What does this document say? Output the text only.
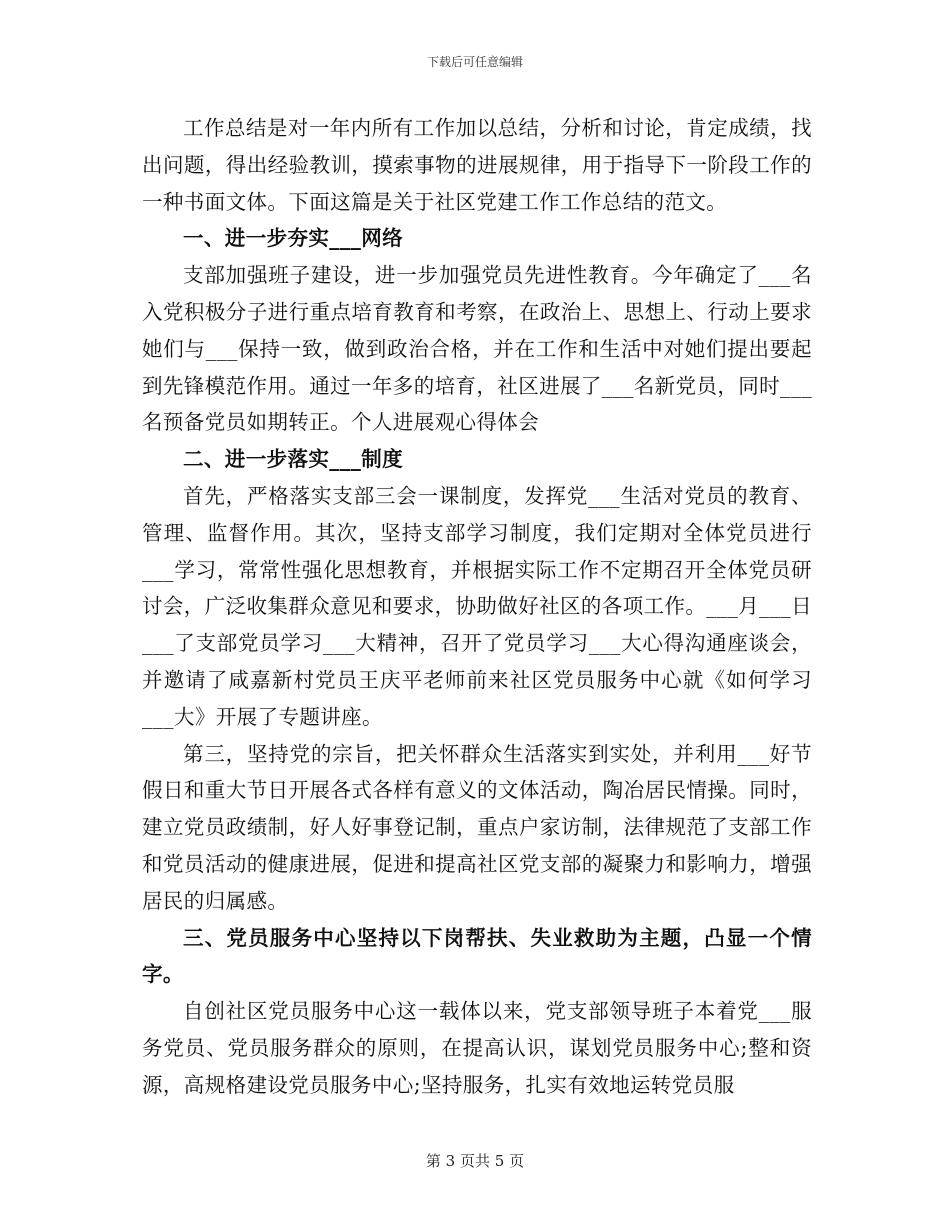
下载后可任意编辑

工作总结是对一年内所有工作加以总结，分析和讨论，肯定成绩，找出问题，得出经验教训，摸索事物的进展规律，用于指导下一阶段工作的一种书面文体。下面这篇是关于社区党建工作工作总结的范文。

一、进一步夯实___网络

支部加强班子建设，进一步加强党员先进性教育。今年确定了___名入党积极分子进行重点培育教育和考察，在政治上、思想上、行动上要求她们与___保持一致，做到政治合格，并在工作和生活中对她们提出要起到先锋模范作用。通过一年多的培育，社区进展了___名新党员，同时___名预备党员如期转正。个人进展观心得体会

二、进一步落实___制度

首先，严格落实支部三会一课制度，发挥党___生活对党员的教育、管理、监督作用。其次，坚持支部学习制度，我们定期对全体党员进行___学习，常常性强化思想教育，并根据实际工作不定期召开全体党员研讨会，广泛收集群众意见和要求，协助做好社区的各项工作。___月___日___了支部党员学习___大精神，召开了党员学习___大心得沟通座谈会，并邀请了咸嘉新村党员王庆平老师前来社区党员服务中心就《如何学习___大》开展了专题讲座。

第三，坚持党的宗旨，把关怀群众生活落实到实处，并利用___好节假日和重大节日开展各式各样有意义的文体活动，陶冶居民情操。同时，建立党员政绩制，好人好事登记制，重点户家访制，法律规范了支部工作和党员活动的健康进展，促进和提高社区党支部的凝聚力和影响力，增强居民的归属感。

三、党员服务中心坚持以下岗帮扶、失业救助为主题，凸显一个情字。

自创社区党员服务中心这一载体以来，党支部领导班子本着党___服务党员、党员服务群众的原则，在提高认识，谋划党员服务中心;整和资源，高规格建设党员服务中心;坚持服务，扎实有效地运转党员服

第 3 页共 5 页
